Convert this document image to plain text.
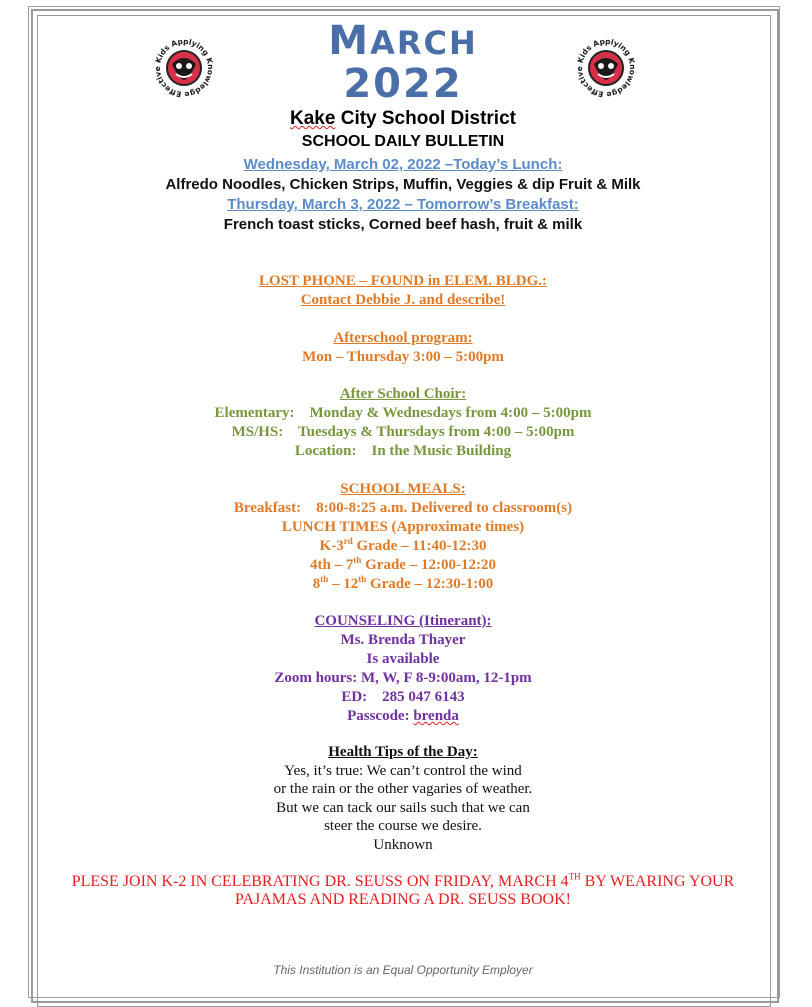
Kids Applying Knowledge Effectively
Kids Applying Knowledge Effectively
MARCH
2022
Kake City School District
SCHOOL DAILY BULLETIN
Wednesday, March 02, 2022 –Today’s Lunch:
Alfredo Noodles, Chicken Strips, Muffin, Veggies & dip Fruit & Milk
Thursday, March 3, 2022 – Tomorrow’s Breakfast:
French toast sticks, Corned beef hash, fruit & milk
LOST PHONE – FOUND in ELEM. BLDG.:
Contact Debbie J. and describe!
Afterschool program:
Mon – Thursday 3:00 – 5:00pm
After School Choir:
Elementary:    Monday & Wednesdays from 4:00 – 5:00pm
MS/HS:    Tuesdays & Thursdays from 4:00 – 5:00pm
Location:    In the Music Building
SCHOOL MEALS:
Breakfast:    8:00-8:25 a.m. Delivered to classroom(s)
LUNCH TIMES (Approximate times)
K-3rd Grade – 11:40-12:30
4th – 7th Grade – 12:00-12:20
8th – 12th Grade – 12:30-1:00
COUNSELING (Itinerant):
Ms. Brenda Thayer
Is available
Zoom hours: M, W, F 8-9:00am, 12-1pm
ED:    285 047 6143
Passcode: brenda
Health Tips of the Day:
Yes, it’s true: We can’t control the wind
or the rain or the other vagaries of weather.
But we can tack our sails such that we can
steer the course we desire.
Unknown
PLESE JOIN K-2 IN CELEBRATING DR. SEUSS ON FRIDAY, MARCH 4TH BY WEARING YOUR
PAJAMAS AND READING A DR. SEUSS BOOK!
This Institution is an Equal Opportunity Employer
